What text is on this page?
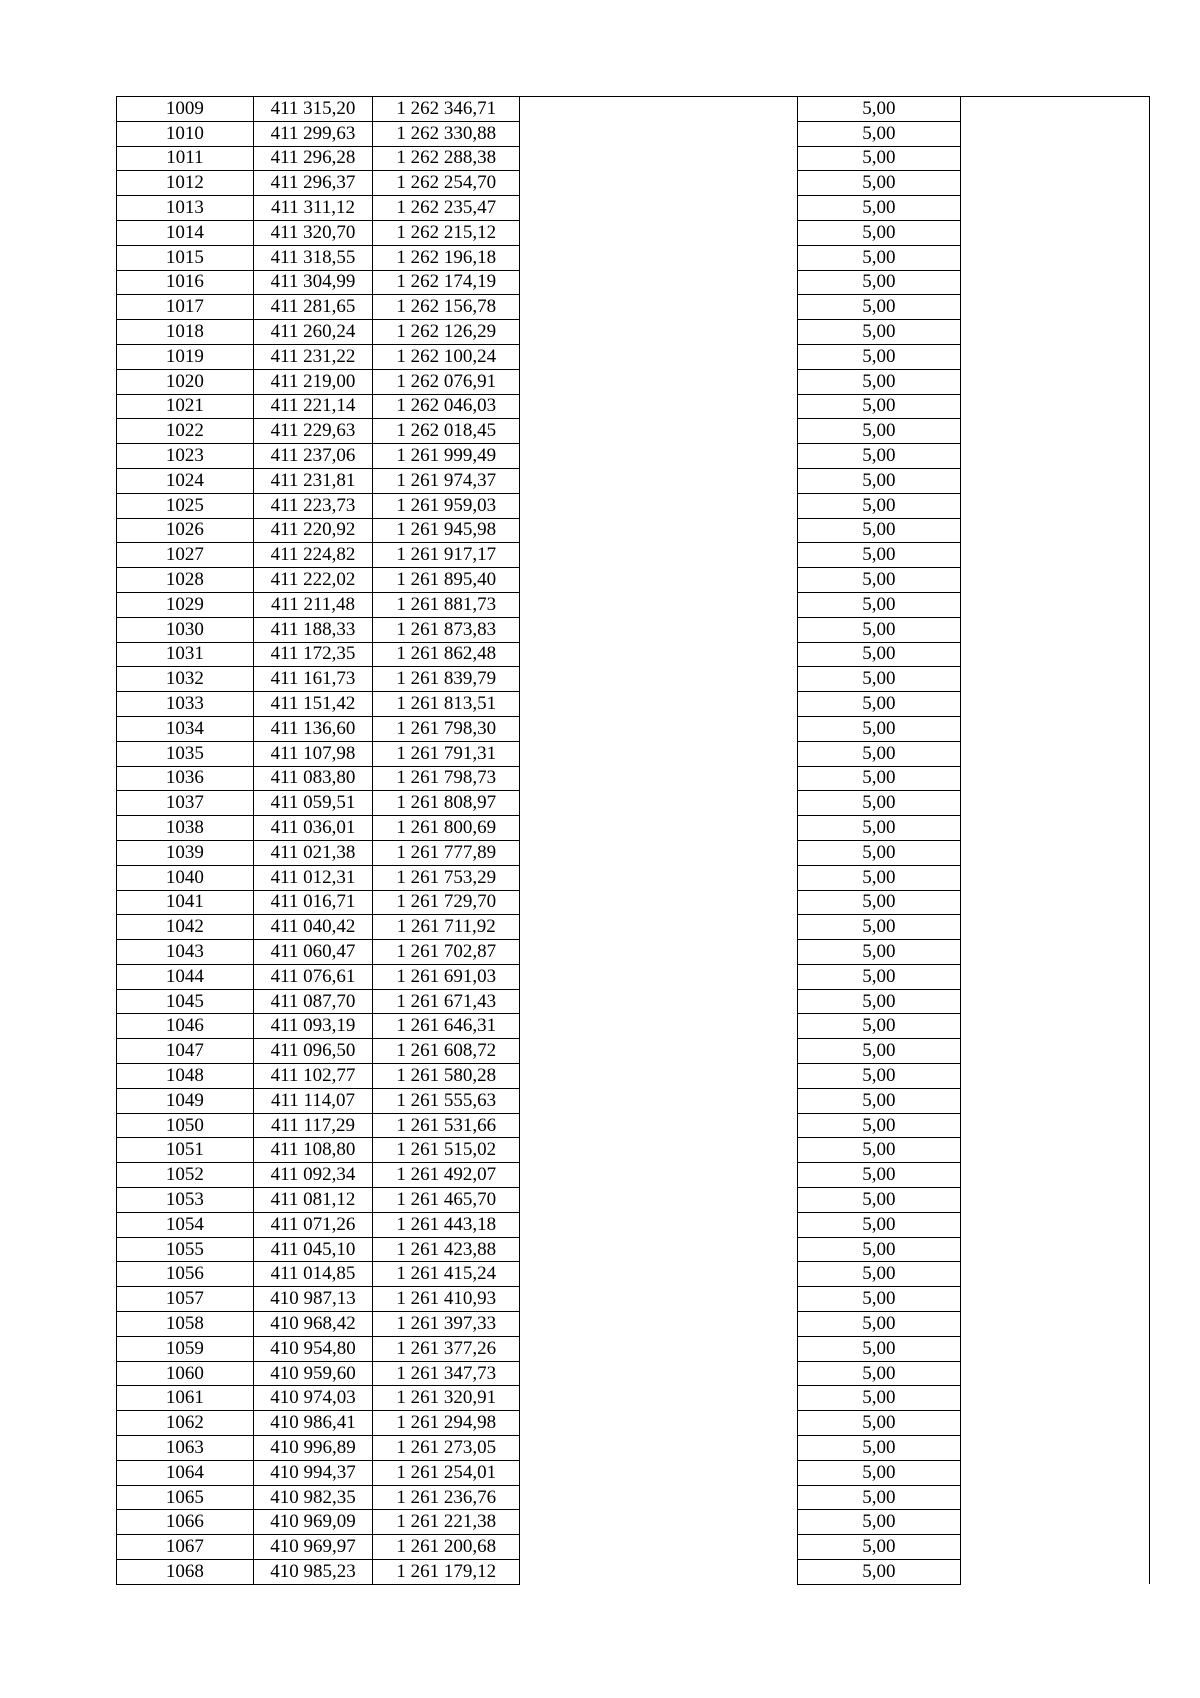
1009	411 315,20	1 262 346,71		5,00	
1010	411 299,63	1 262 330,88		5,00	
1011	411 296,28	1 262 288,38		5,00	
1012	411 296,37	1 262 254,70		5,00	
1013	411 311,12	1 262 235,47		5,00	
1014	411 320,70	1 262 215,12		5,00	
1015	411 318,55	1 262 196,18		5,00	
1016	411 304,99	1 262 174,19		5,00	
1017	411 281,65	1 262 156,78		5,00	
1018	411 260,24	1 262 126,29		5,00	
1019	411 231,22	1 262 100,24		5,00	
1020	411 219,00	1 262 076,91		5,00	
1021	411 221,14	1 262 046,03		5,00	
1022	411 229,63	1 262 018,45		5,00	
1023	411 237,06	1 261 999,49		5,00	
1024	411 231,81	1 261 974,37		5,00	
1025	411 223,73	1 261 959,03		5,00	
1026	411 220,92	1 261 945,98		5,00	
1027	411 224,82	1 261 917,17		5,00	
1028	411 222,02	1 261 895,40		5,00	
1029	411 211,48	1 261 881,73		5,00	
1030	411 188,33	1 261 873,83		5,00	
1031	411 172,35	1 261 862,48		5,00	
1032	411 161,73	1 261 839,79		5,00	
1033	411 151,42	1 261 813,51		5,00	
1034	411 136,60	1 261 798,30		5,00	
1035	411 107,98	1 261 791,31		5,00	
1036	411 083,80	1 261 798,73		5,00	
1037	411 059,51	1 261 808,97		5,00	
1038	411 036,01	1 261 800,69		5,00	
1039	411 021,38	1 261 777,89		5,00	
1040	411 012,31	1 261 753,29		5,00	
1041	411 016,71	1 261 729,70		5,00	
1042	411 040,42	1 261 711,92		5,00	
1043	411 060,47	1 261 702,87		5,00	
1044	411 076,61	1 261 691,03		5,00	
1045	411 087,70	1 261 671,43		5,00	
1046	411 093,19	1 261 646,31		5,00	
1047	411 096,50	1 261 608,72		5,00	
1048	411 102,77	1 261 580,28		5,00	
1049	411 114,07	1 261 555,63		5,00	
1050	411 117,29	1 261 531,66		5,00	
1051	411 108,80	1 261 515,02		5,00	
1052	411 092,34	1 261 492,07		5,00	
1053	411 081,12	1 261 465,70		5,00	
1054	411 071,26	1 261 443,18		5,00	
1055	411 045,10	1 261 423,88		5,00	
1056	411 014,85	1 261 415,24		5,00	
1057	410 987,13	1 261 410,93		5,00	
1058	410 968,42	1 261 397,33		5,00	
1059	410 954,80	1 261 377,26		5,00	
1060	410 959,60	1 261 347,73		5,00	
1061	410 974,03	1 261 320,91		5,00	
1062	410 986,41	1 261 294,98		5,00	
1063	410 996,89	1 261 273,05		5,00	
1064	410 994,37	1 261 254,01		5,00	
1065	410 982,35	1 261 236,76		5,00	
1066	410 969,09	1 261 221,38		5,00	
1067	410 969,97	1 261 200,68		5,00	
1068	410 985,23	1 261 179,12		5,00	
